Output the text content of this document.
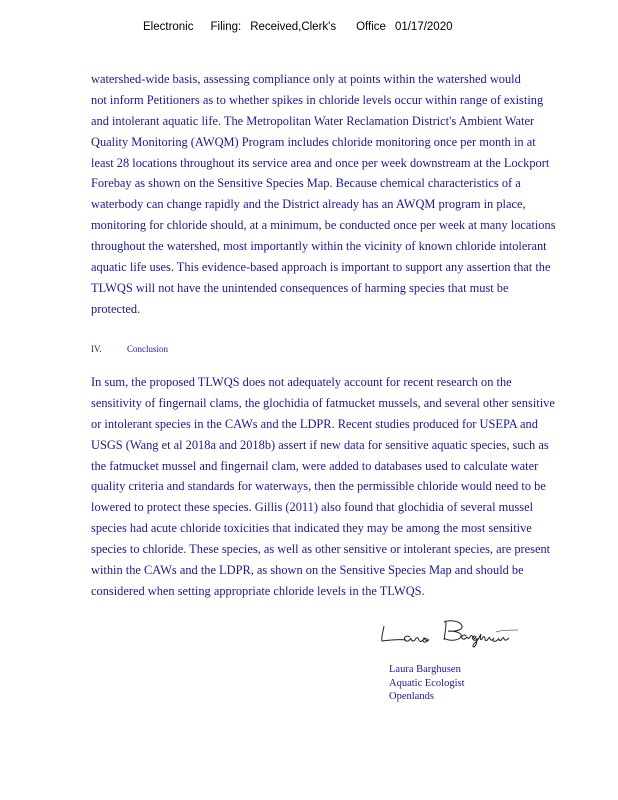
Electronic Filing: Received,Clerk's Office 01/17/2020
watershed-wide basis, assessing compliance only at points within the watershed would
not inform Petitioners as to whether spikes in chloride levels occur within range of existing
and intolerant aquatic life. The Metropolitan Water Reclamation District's Ambient Water
Quality Monitoring (AWQM) Program includes chloride monitoring once per month in at
least 28 locations throughout its service area and once per week downstream at the Lockport
Forebay as shown on the Sensitive Species Map. Because chemical characteristics of a
waterbody can change rapidly and the District already has an AWQM program in place,
monitoring for chloride should, at a minimum, be conducted once per week at many locations
throughout the watershed, most importantly within the vicinity of known chloride intolerant
aquatic life uses. This evidence-based approach is important to support any assertion that the
TLWQS will not have the unintended consequences of harming species that must be
protected.
IV.	Conclusion
In sum, the proposed TLWQS does not adequately account for recent research on the
sensitivity of fingernail clams, the glochidia of fatmucket mussels, and several other sensitive
or intolerant species in the CAWs and the LDPR. Recent studies produced for USEPA and
USGS (Wang et al 2018a and 2018b) assert if new data for sensitive aquatic species, such as
the fatmucket mussel and fingernail clam, were added to databases used to calculate water
quality criteria and standards for waterways, then the permissible chloride would need to be
lowered to protect these species. Gillis (2011) also found that glochidia of several mussel
species had acute chloride toxicities that indicated they may be among the most sensitive
species to chloride. These species, as well as other sensitive or intolerant species, are present
within the CAWs and the LDPR, as shown on the Sensitive Species Map and should be
considered when setting appropriate chloride levels in the TLWQS.
Laura Barghusen
Aquatic Ecologist
Openlands
